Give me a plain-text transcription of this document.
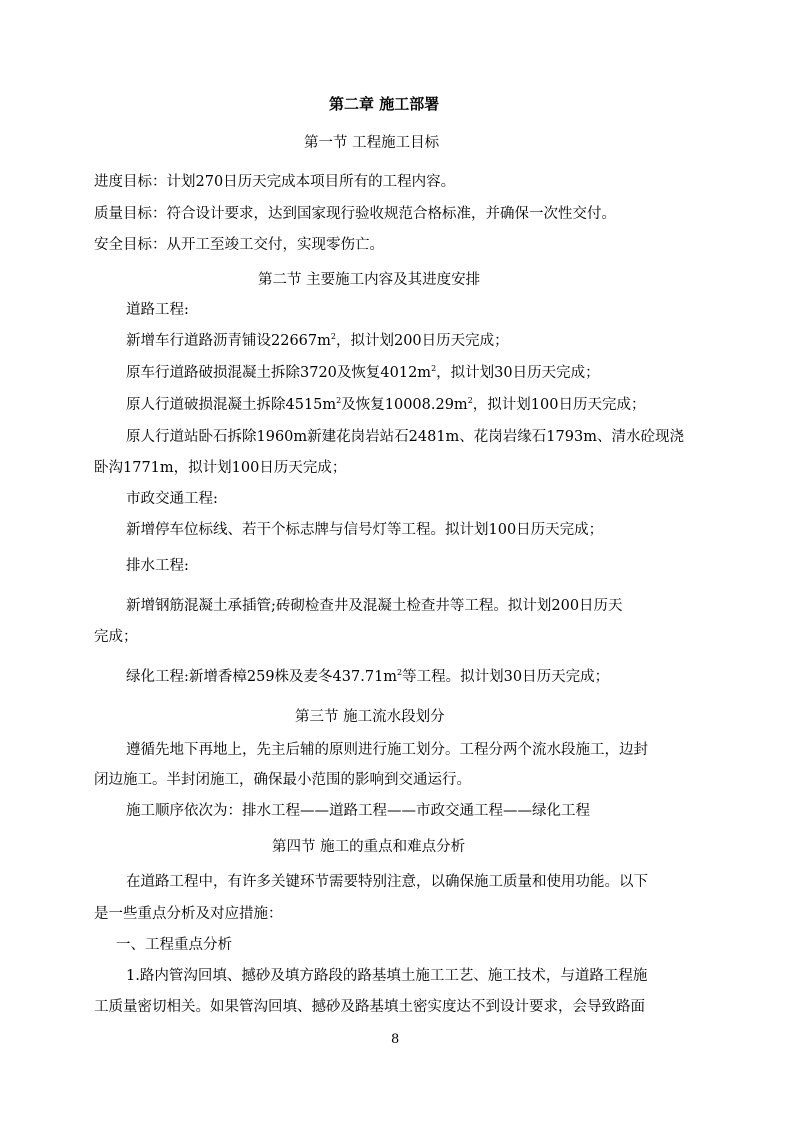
第二章 施工部署
第一节 工程施工目标
进度目标：计划270日历天完成本项目所有的工程内容。
质量目标：符合设计要求，达到国家现行验收规范合格标准，并确保一次性交付。
安全目标：从开工至竣工交付，实现零伤亡。
第二节 主要施工内容及其进度安排
道路工程:
新增车行道路沥青铺设$22667m^2$，拟计划200日历天完成；
原车行道路破损混凝土拆除3720及恢复$4012m^2$，拟计划30日历天完成；
原人行道破损混凝土拆除$4515m^2$及恢复$10008.29m^2$，拟计划100日历天完成；
原人行道站卧石拆除1960m新建花岗岩站石2481m、花岗岩缘石1793m、清水砼现浇
卧沟1771m，拟计划100日历天完成；
市政交通工程:
新增停车位标线、若干个标志牌与信号灯等工程。拟计划100日历天完成；
排水工程:
新增钢筋混凝土承插管;砖砌检查井及混凝土检查井等工程。拟计划200日历天
完成；
绿化工程:新增香樟259株及麦冬$437.71m^2$等工程。拟计划30日历天完成；
第三节 施工流水段划分
遵循先地下再地上，先主后辅的原则进行施工划分。工程分两个流水段施工，边封
闭边施工。半封闭施工，确保最小范围的影响到交通运行。
施工顺序依次为：排水工程——道路工程——市政交通工程——绿化工程
第四节 施工的重点和难点分析
在道路工程中，有许多关键环节需要特别注意，以确保施工质量和使用功能。以下
是一些重点分析及对应措施：
一、工程重点分析
1.路内管沟回填、撼砂及填方路段的路基填土施工工艺、施工技术，与道路工程施
工质量密切相关。如果管沟回填、撼砂及路基填土密实度达不到设计要求，会导致路面
8
